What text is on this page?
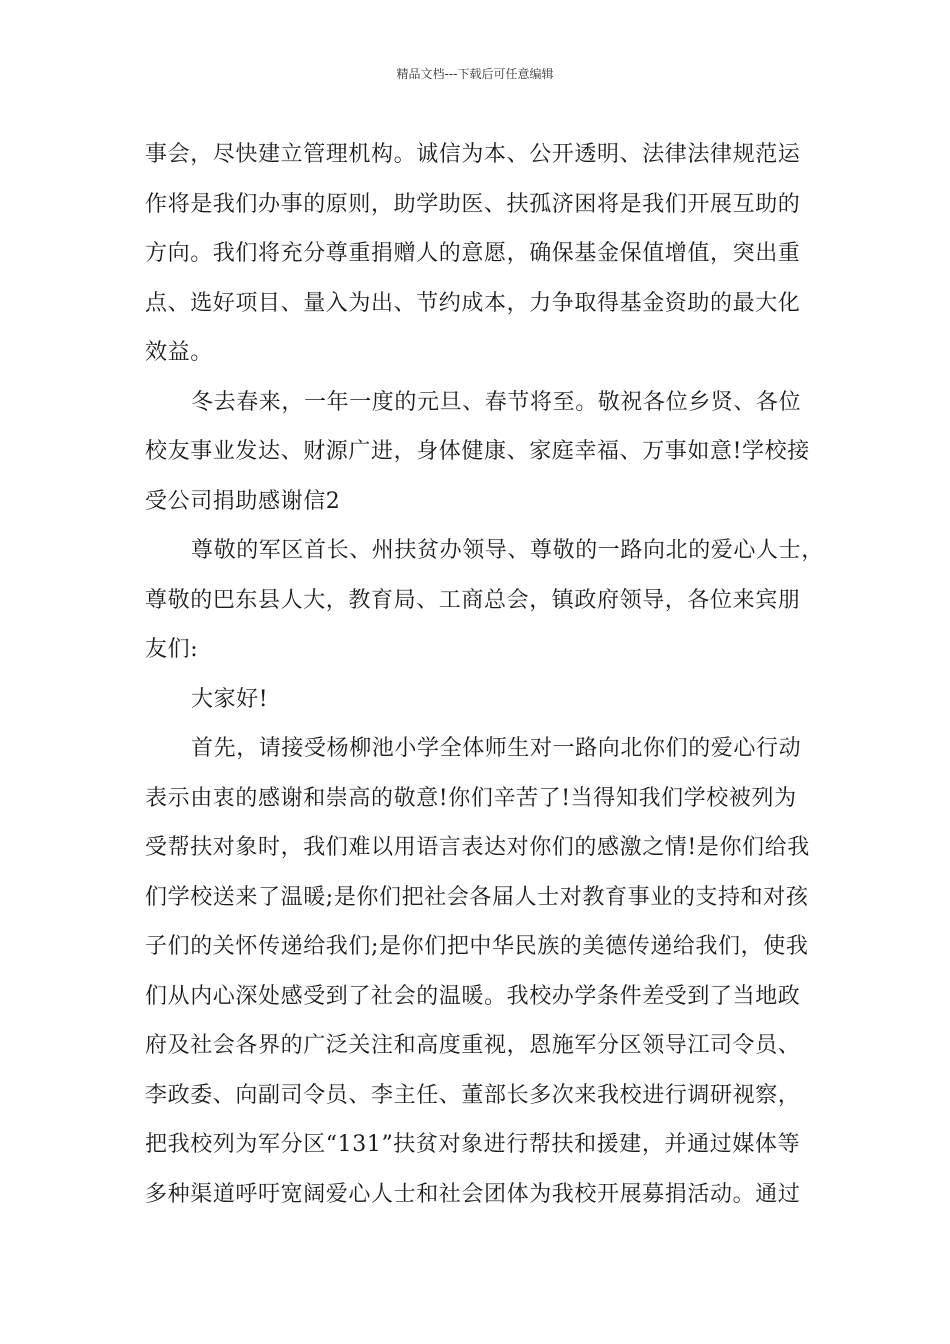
精品文档---下载后可任意编辑
事会，尽快建立管理机构。诚信为本、公开透明、法律法律规范运
作将是我们办事的原则，助学助医、扶孤济困将是我们开展互助的
方向。我们将充分尊重捐赠人的意愿，确保基金保值增值，突出重
点、选好项目、量入为出、节约成本，力争取得基金资助的最大化
效益。
冬去春来，一年一度的元旦、春节将至。敬祝各位乡贤、各位
校友事业发达、财源广进，身体健康、家庭幸福、万事如意!学校接
受公司捐助感谢信2
尊敬的军区首长、州扶贫办领导、尊敬的一路向北的爱心人士，
尊敬的巴东县人大，教育局、工商总会，镇政府领导，各位来宾朋
友们:
大家好!
首先，请接受杨柳池小学全体师生对一路向北你们的爱心行动
表示由衷的感谢和崇高的敬意!你们辛苦了!当得知我们学校被列为
受帮扶对象时，我们难以用语言表达对你们的感激之情!是你们给我
们学校送来了温暖;是你们把社会各届人士对教育事业的支持和对孩
子们的关怀传递给我们;是你们把中华民族的美德传递给我们，使我
们从内心深处感受到了社会的温暖。我校办学条件差受到了当地政
府及社会各界的广泛关注和高度重视，恩施军分区领导江司令员、
李政委、向副司令员、李主任、董部长多次来我校进行调研视察，
把我校列为军分区“131”扶贫对象进行帮扶和援建，并通过媒体等
多种渠道呼吁宽阔爱心人士和社会团体为我校开展募捐活动。通过
